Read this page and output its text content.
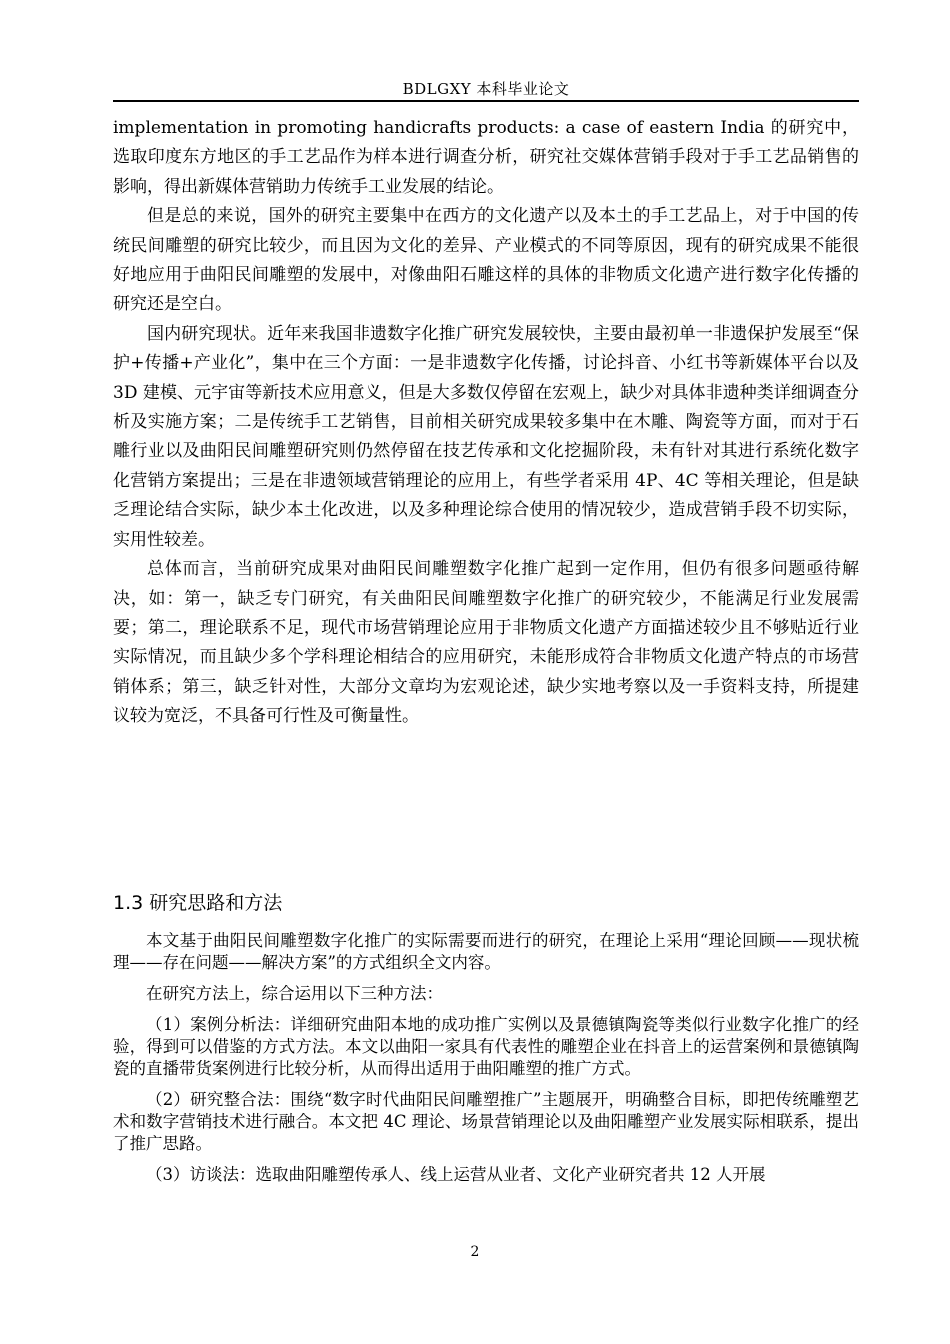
BDLGXY 本科毕业论文

implementation in promoting handicrafts products: a case of eastern India 的研究中，选取印度东方地区的手工艺品作为样本进行调查分析，研究社交媒体营销手段对于手工艺品销售的影响，得出新媒体营销助力传统手工业发展的结论。

但是总的来说，国外的研究主要集中在西方的文化遗产以及本土的手工艺品上，对于中国的传统民间雕塑的研究比较少，而且因为文化的差异、产业模式的不同等原因，现有的研究成果不能很好地应用于曲阳民间雕塑的发展中，对像曲阳石雕这样的具体的非物质文化遗产进行数字化传播的研究还是空白。

国内研究现状。近年来我国非遗数字化推广研究发展较快，主要由最初单一非遗保护发展至“保护+传播+产业化”，集中在三个方面：一是非遗数字化传播，讨论抖音、小红书等新媒体平台以及 3D 建模、元宇宙等新技术应用意义，但是大多数仅停留在宏观上，缺少对具体非遗种类详细调查分析及实施方案；二是传统手工艺销售，目前相关研究成果较多集中在木雕、陶瓷等方面，而对于石雕行业以及曲阳民间雕塑研究则仍然停留在技艺传承和文化挖掘阶段，未有针对其进行系统化数字化营销方案提出；三是在非遗领域营销理论的应用上，有些学者采用 4P、4C 等相关理论，但是缺乏理论结合实际，缺少本土化改进，以及多种理论综合使用的情况较少，造成营销手段不切实际，实用性较差。

总体而言，当前研究成果对曲阳民间雕塑数字化推广起到一定作用，但仍有很多问题亟待解决，如：第一，缺乏专门研究，有关曲阳民间雕塑数字化推广的研究较少，不能满足行业发展需要；第二，理论联系不足，现代市场营销理论应用于非物质文化遗产方面描述较少且不够贴近行业实际情况，而且缺少多个学科理论相结合的应用研究，未能形成符合非物质文化遗产特点的市场营销体系；第三，缺乏针对性，大部分文章均为宏观论述，缺少实地考察以及一手资料支持，所提建议较为宽泛，不具备可行性及可衡量性。

1.3 研究思路和方法

本文基于曲阳民间雕塑数字化推广的实际需要而进行的研究，在理论上采用“理论回顾——现状梳理——存在问题——解决方案”的方式组织全文内容。

在研究方法上，综合运用以下三种方法：

（1）案例分析法：详细研究曲阳本地的成功推广实例以及景德镇陶瓷等类似行业数字化推广的经验，得到可以借鉴的方式方法。本文以曲阳一家具有代表性的雕塑企业在抖音上的运营案例和景德镇陶瓷的直播带货案例进行比较分析，从而得出适用于曲阳雕塑的推广方式。

（2）研究整合法：围绕“数字时代曲阳民间雕塑推广”主题展开，明确整合目标，即把传统雕塑艺术和数字营销技术进行融合。本文把 4C 理论、场景营销理论以及曲阳雕塑产业发展实际相联系，提出了推广思路。

（3）访谈法：选取曲阳雕塑传承人、线上运营从业者、文化产业研究者共 12 人开展

2
